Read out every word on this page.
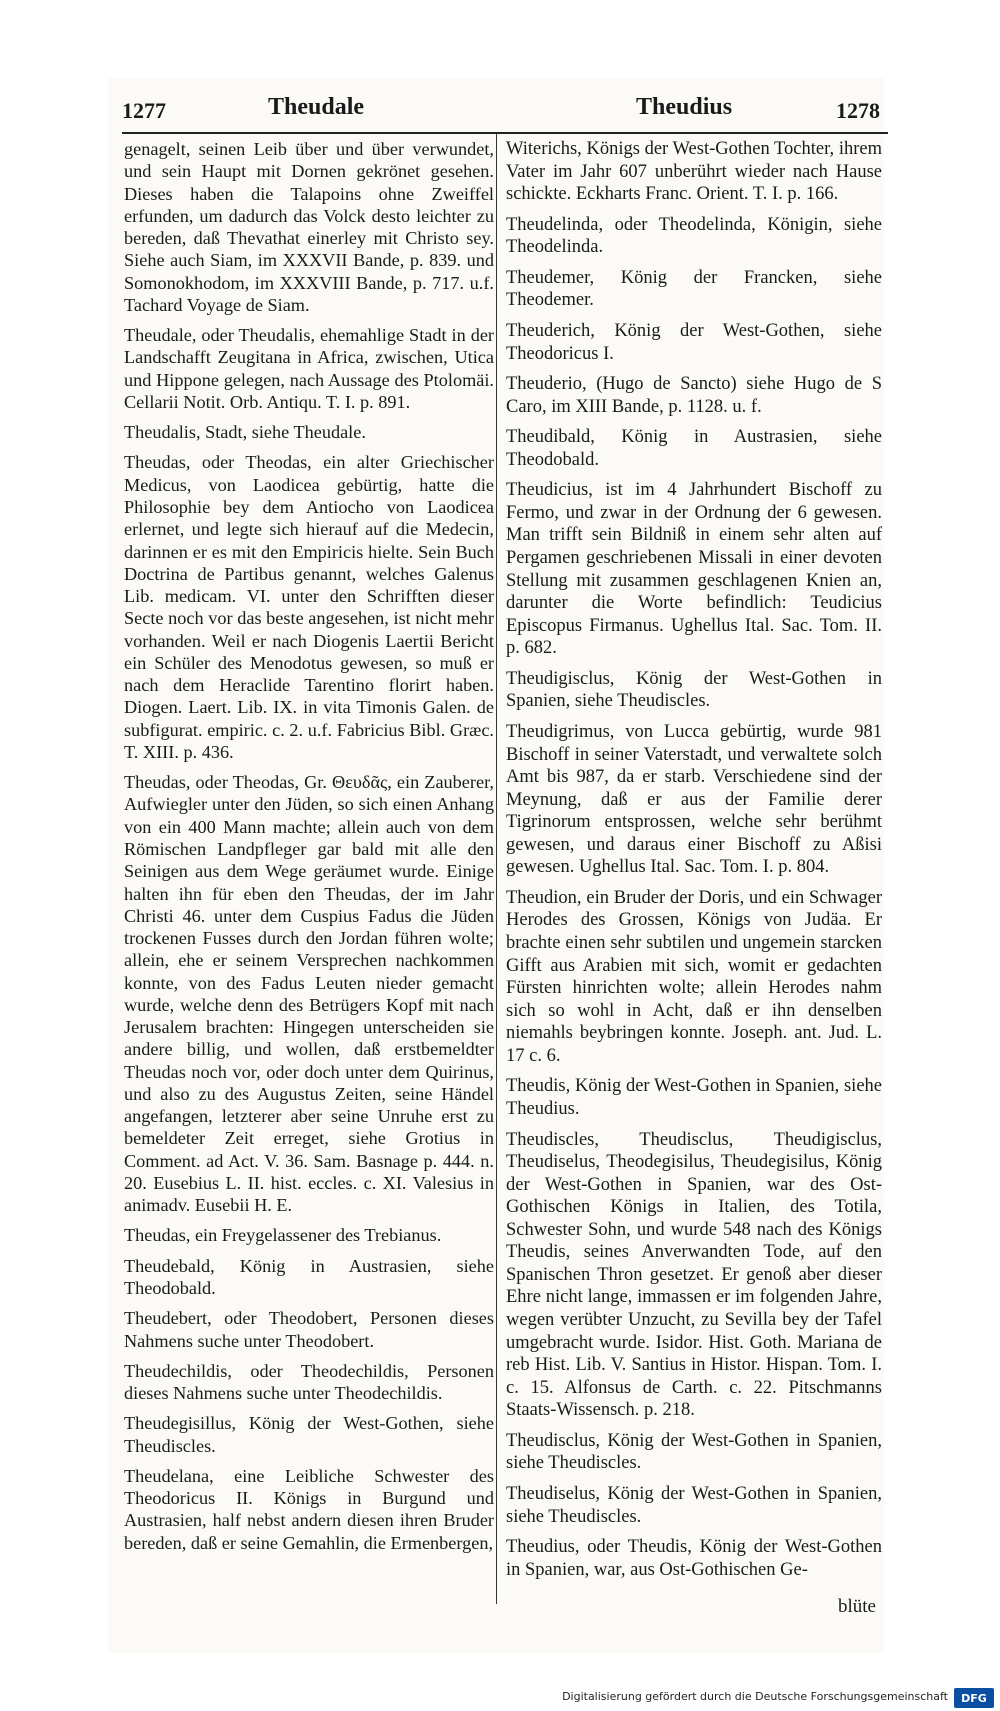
1277	Theudale	Theudius	1278

genagelt, seinen Leib über und über verwundet, und sein Haupt mit Dornen gekrönet gesehen. Dieses haben die Talapoins ohne Zweiffel erfunden, um dadurch das Volck desto leichter zu bereden, daß Thevathat einerley mit Christo sey. Siehe auch Siam, im XXXVII Bande, p. 839. und Somonokhodom, im XXXVIII Bande, p. 717. u.f. Tachard Voyage de Siam.

Theudale, oder Theudalis, ehemahlige Stadt in der Landschafft Zeugitana in Africa, zwischen, Utica und Hippone gelegen, nach Aussage des Ptolomäi. Cellarii Notit. Orb. Antiqu. T. I. p. 891.

Theudalis, Stadt, siehe Theudale.

Theudas, oder Theodas, ein alter Griechischer Medicus, von Laodicea gebürtig, hatte die Philosophie bey dem Antiocho von Laodicea erlernet, und legte sich hierauf auf die Medecin, darinnen er es mit den Empiricis hielte. Sein Buch Doctrina de Partibus genannt, welches Galenus Lib. medicam. VI. unter den Schrifften dieser Secte noch vor das beste angesehen, ist nicht mehr vorhanden. Weil er nach Diogenis Laertii Bericht ein Schüler des Menodotus gewesen, so muß er nach dem Heraclide Tarentino florirt haben. Diogen. Laert. Lib. IX. in vita Timonis Galen. de subfigurat. empiric. c. 2. u.f. Fabricius Bibl. Græc. T. XIII. p. 436.

Theudas, oder Theodas, Gr. Θευδᾶς, ein Zauberer, Aufwiegler unter den Jüden, so sich einen Anhang von ein 400 Mann machte; allein auch von dem Römischen Landpfleger gar bald mit alle den Seinigen aus dem Wege geräumet wurde. Einige halten ihn für eben den Theudas, der im Jahr Christi 46. unter dem Cuspius Fadus die Jüden trockenen Fusses durch den Jordan führen wolte; allein, ehe er seinem Versprechen nachkommen konnte, von des Fadus Leuten nieder gemacht wurde, welche denn des Betrügers Kopf mit nach Jerusalem brachten: Hingegen unterscheiden sie andere billig, und wollen, daß erstbemeldter Theudas noch vor, oder doch unter dem Quirinus, und also zu des Augustus Zeiten, seine Händel angefangen, letzterer aber seine Unruhe erst zu bemeldeter Zeit erreget, siehe Grotius in Comment. ad Act. V. 36. Sam. Basnage p. 444. n. 20. Eusebius L. II. hist. eccles. c. XI. Valesius in animadv. Eusebii H. E.

Theudas, ein Freygelassener des Trebianus.

Theudebald, König in Austrasien, siehe Theodobald.

Theudebert, oder Theodobert, Personen dieses Nahmens suche unter Theodobert.

Theudechildis, oder Theodechildis, Personen dieses Nahmens suche unter Theodechildis.

Theudegisillus, König der West-Gothen, siehe Theudiscles.

Theudelana, eine Leibliche Schwester des Theodoricus II. Königs in Burgund und Austrasien, half nebst andern diesen ihren Bruder bereden, daß er seine Gemahlin, die Ermenbergen,

Witerichs, Königs der West-Gothen Tochter, ihrem Vater im Jahr 607 unberührt wieder nach Hause schickte. Eckharts Franc. Orient. T. I. p. 166.

Theudelinda, oder Theodelinda, Königin, siehe Theodelinda.

Theudemer, König der Francken, siehe Theodemer.

Theuderich, König der West-Gothen, siehe Theodoricus I.

Theuderio, (Hugo de Sancto) siehe Hugo de S Caro, im XIII Bande, p. 1128. u. f.

Theudibald, König in Austrasien, siehe Theodobald.

Theudicius, ist im 4 Jahrhundert Bischoff zu Fermo, und zwar in der Ordnung der 6 gewesen. Man trifft sein Bildniß in einem sehr alten auf Pergamen geschriebenen Missali in einer devoten Stellung mit zusammen geschlagenen Knien an, darunter die Worte befindlich: Teudicius Episcopus Firmanus. Ughellus Ital. Sac. Tom. II. p. 682.

Theudigisclus, König der West-Gothen in Spanien, siehe Theudiscles.

Theudigrimus, von Lucca gebürtig, wurde 981 Bischoff in seiner Vaterstadt, und verwaltete solch Amt bis 987, da er starb. Verschiedene sind der Meynung, daß er aus der Familie derer Tigrinorum entsprossen, welche sehr berühmt gewesen, und daraus einer Bischoff zu Aßisi gewesen. Ughellus Ital. Sac. Tom. I. p. 804.

Theudion, ein Bruder der Doris, und ein Schwager Herodes des Grossen, Königs von Judäa. Er brachte einen sehr subtilen und ungemein starcken Gifft aus Arabien mit sich, womit er gedachten Fürsten hinrichten wolte; allein Herodes nahm sich so wohl in Acht, daß er ihn denselben niemahls beybringen konnte. Joseph. ant. Jud. L. 17 c. 6.

Theudis, König der West-Gothen in Spanien, siehe Theudius.

Theudiscles, Theudisclus, Theudigisclus, Theudiselus, Theodegisilus, Theudegisilus, König der West-Gothen in Spanien, war des Ost-Gothischen Königs in Italien, des Totila, Schwester Sohn, und wurde 548 nach des Königs Theudis, seines Anverwandten Tode, auf den Spanischen Thron gesetzet. Er genoß aber dieser Ehre nicht lange, immassen er im folgenden Jahre, wegen verübter Unzucht, zu Sevilla bey der Tafel umgebracht wurde. Isidor. Hist. Goth. Mariana de reb Hist. Lib. V. Santius in Histor. Hispan. Tom. I. c. 15. Alfonsus de Carth. c. 22. Pitschmanns Staats-Wissensch. p. 218.

Theudisclus, König der West-Gothen in Spanien, siehe Theudiscles.

Theudiselus, König der West-Gothen in Spanien, siehe Theudiscles.

Theudius, oder Theudis, König der West-Gothen in Spanien, war, aus Ost-Gothischen Ge-

blüte
Digitalisierung gefördert durch die Deutsche Forschungsgemeinschaft	DFG
